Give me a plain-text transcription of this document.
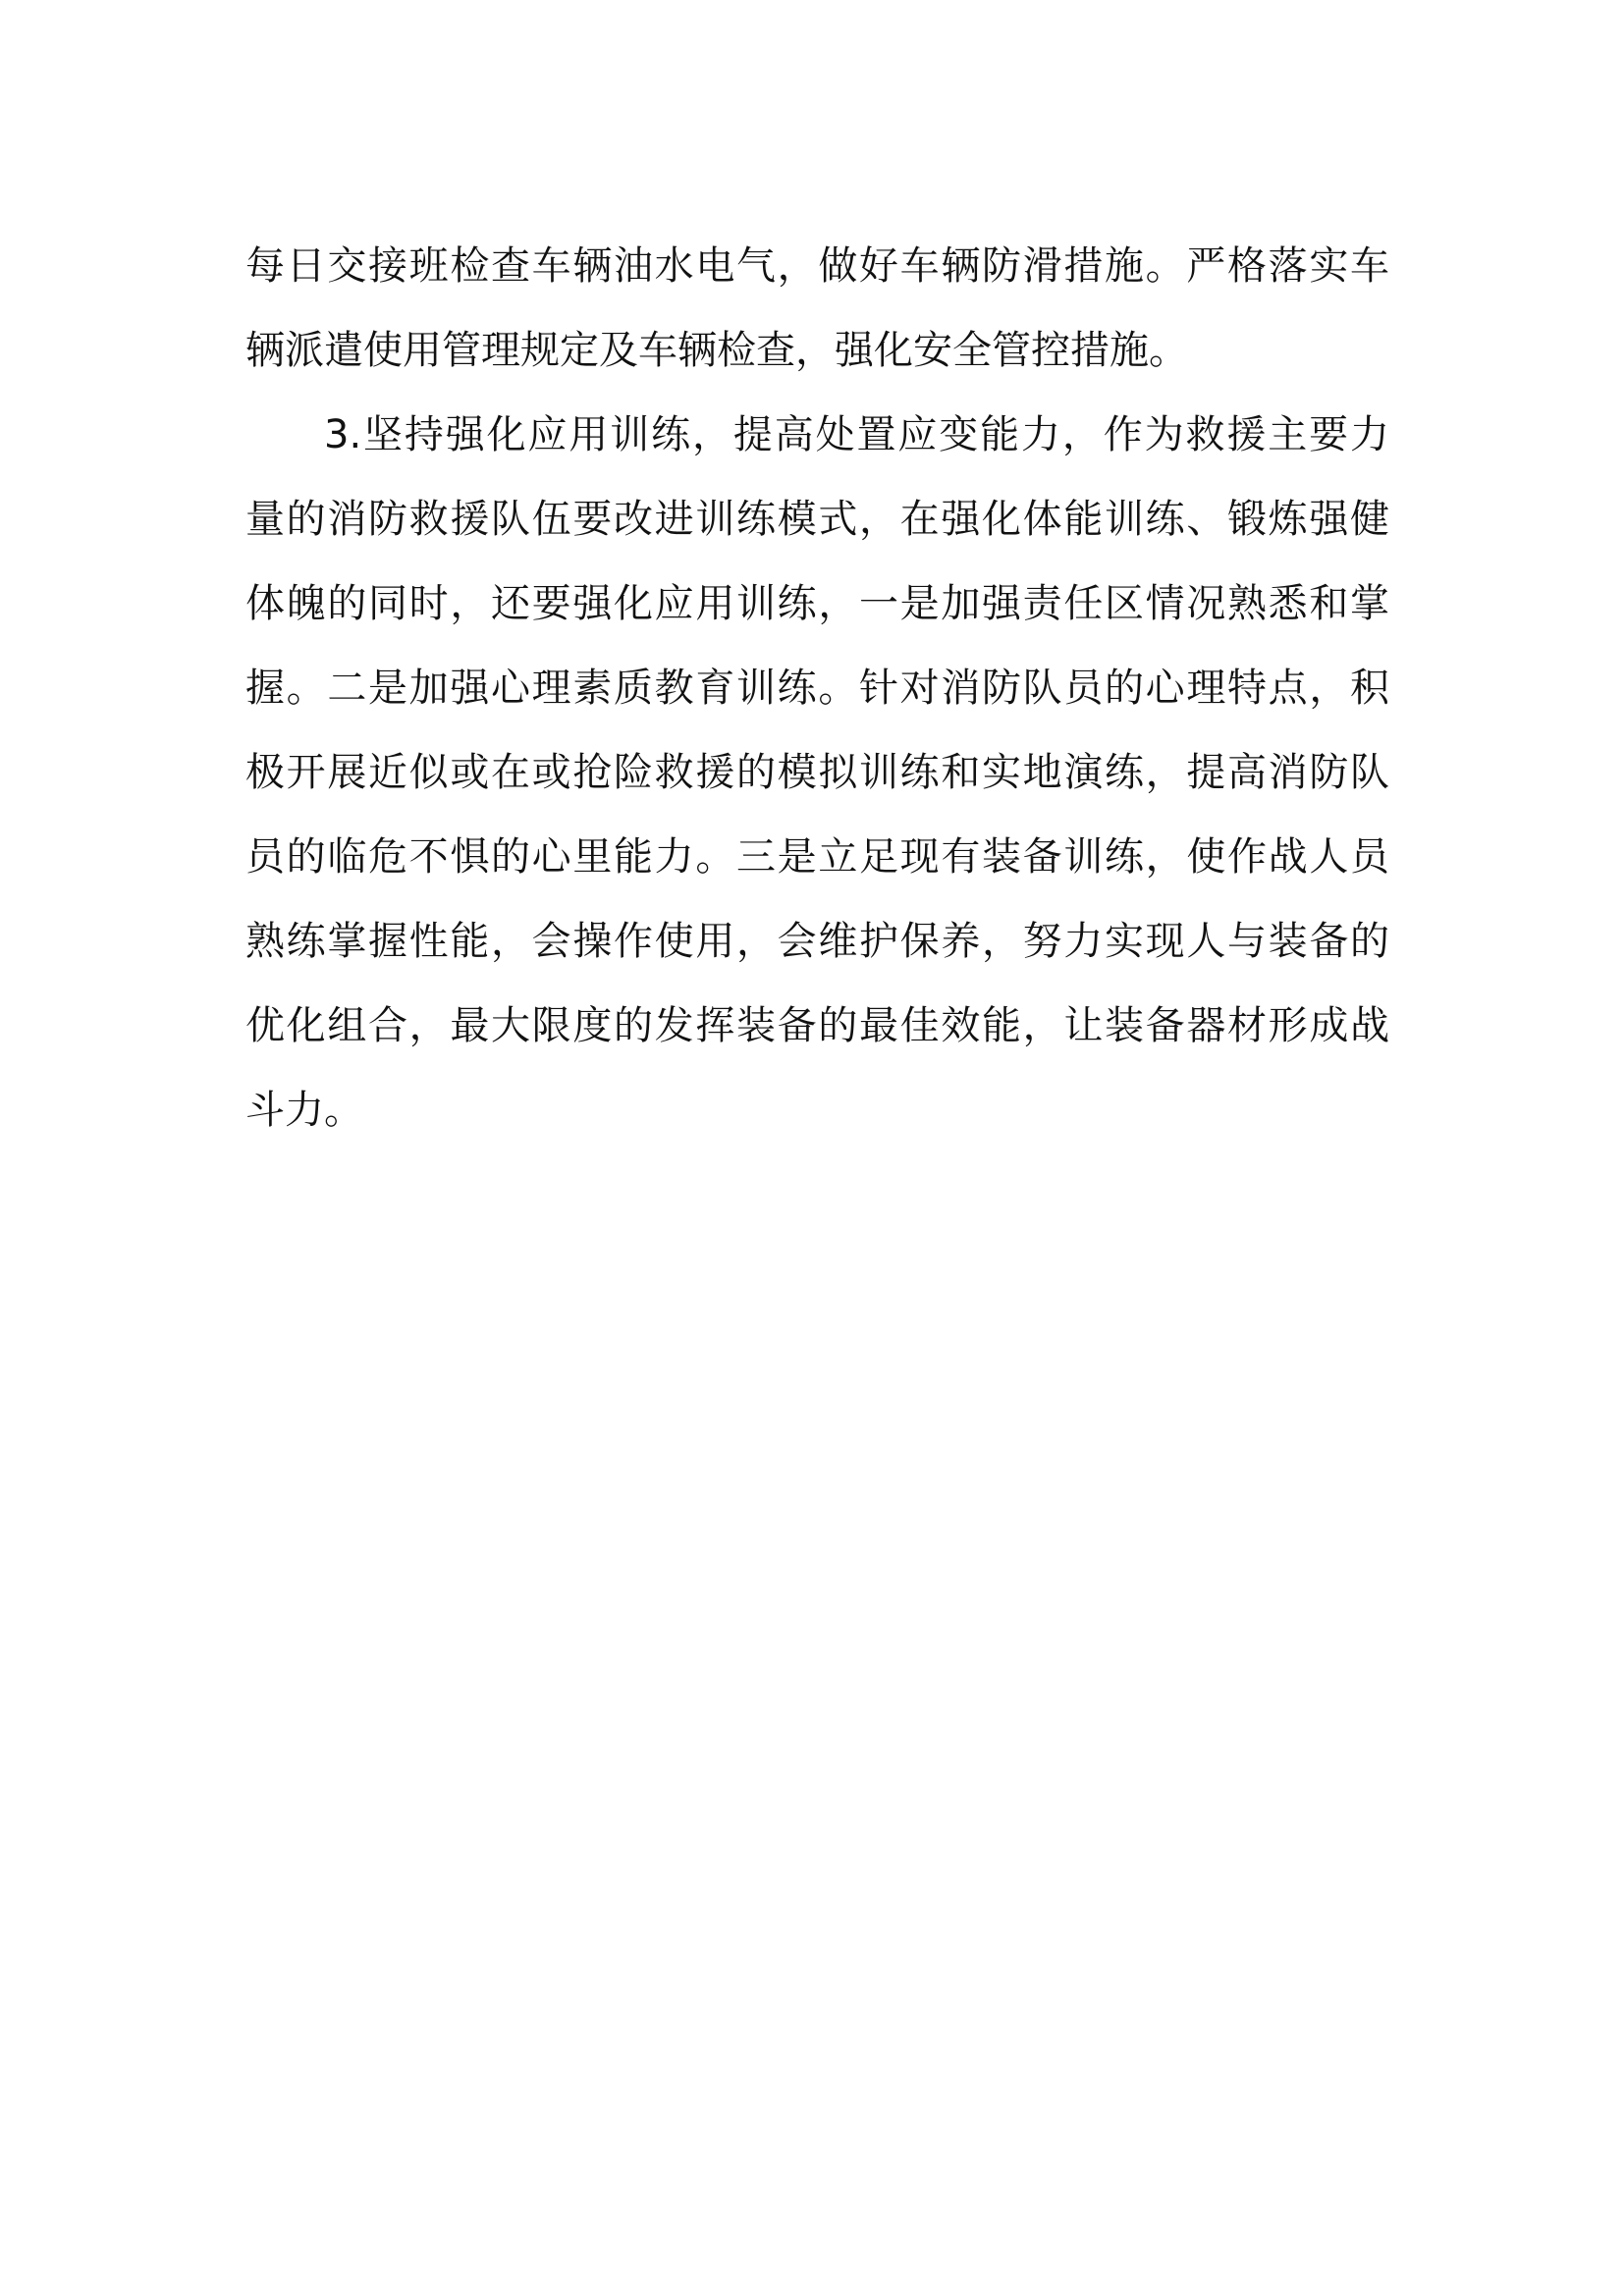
每日交接班检查车辆油水电气，做好车辆防滑措施。严格落实车
辆派遣使用管理规定及车辆检查，强化安全管控措施。
3.坚持强化应用训练，提高处置应变能力，作为救援主要力
量的消防救援队伍要改进训练模式，在强化体能训练、锻炼强健
体魄的同时，还要强化应用训练，一是加强责任区情况熟悉和掌
握。二是加强心理素质教育训练。针对消防队员的心理特点，积
极开展近似或在或抢险救援的模拟训练和实地演练，提高消防队
员的临危不惧的心里能力。三是立足现有装备训练，使作战人员
熟练掌握性能，会操作使用，会维护保养，努力实现人与装备的
优化组合，最大限度的发挥装备的最佳效能，让装备器材形成战
斗力。
